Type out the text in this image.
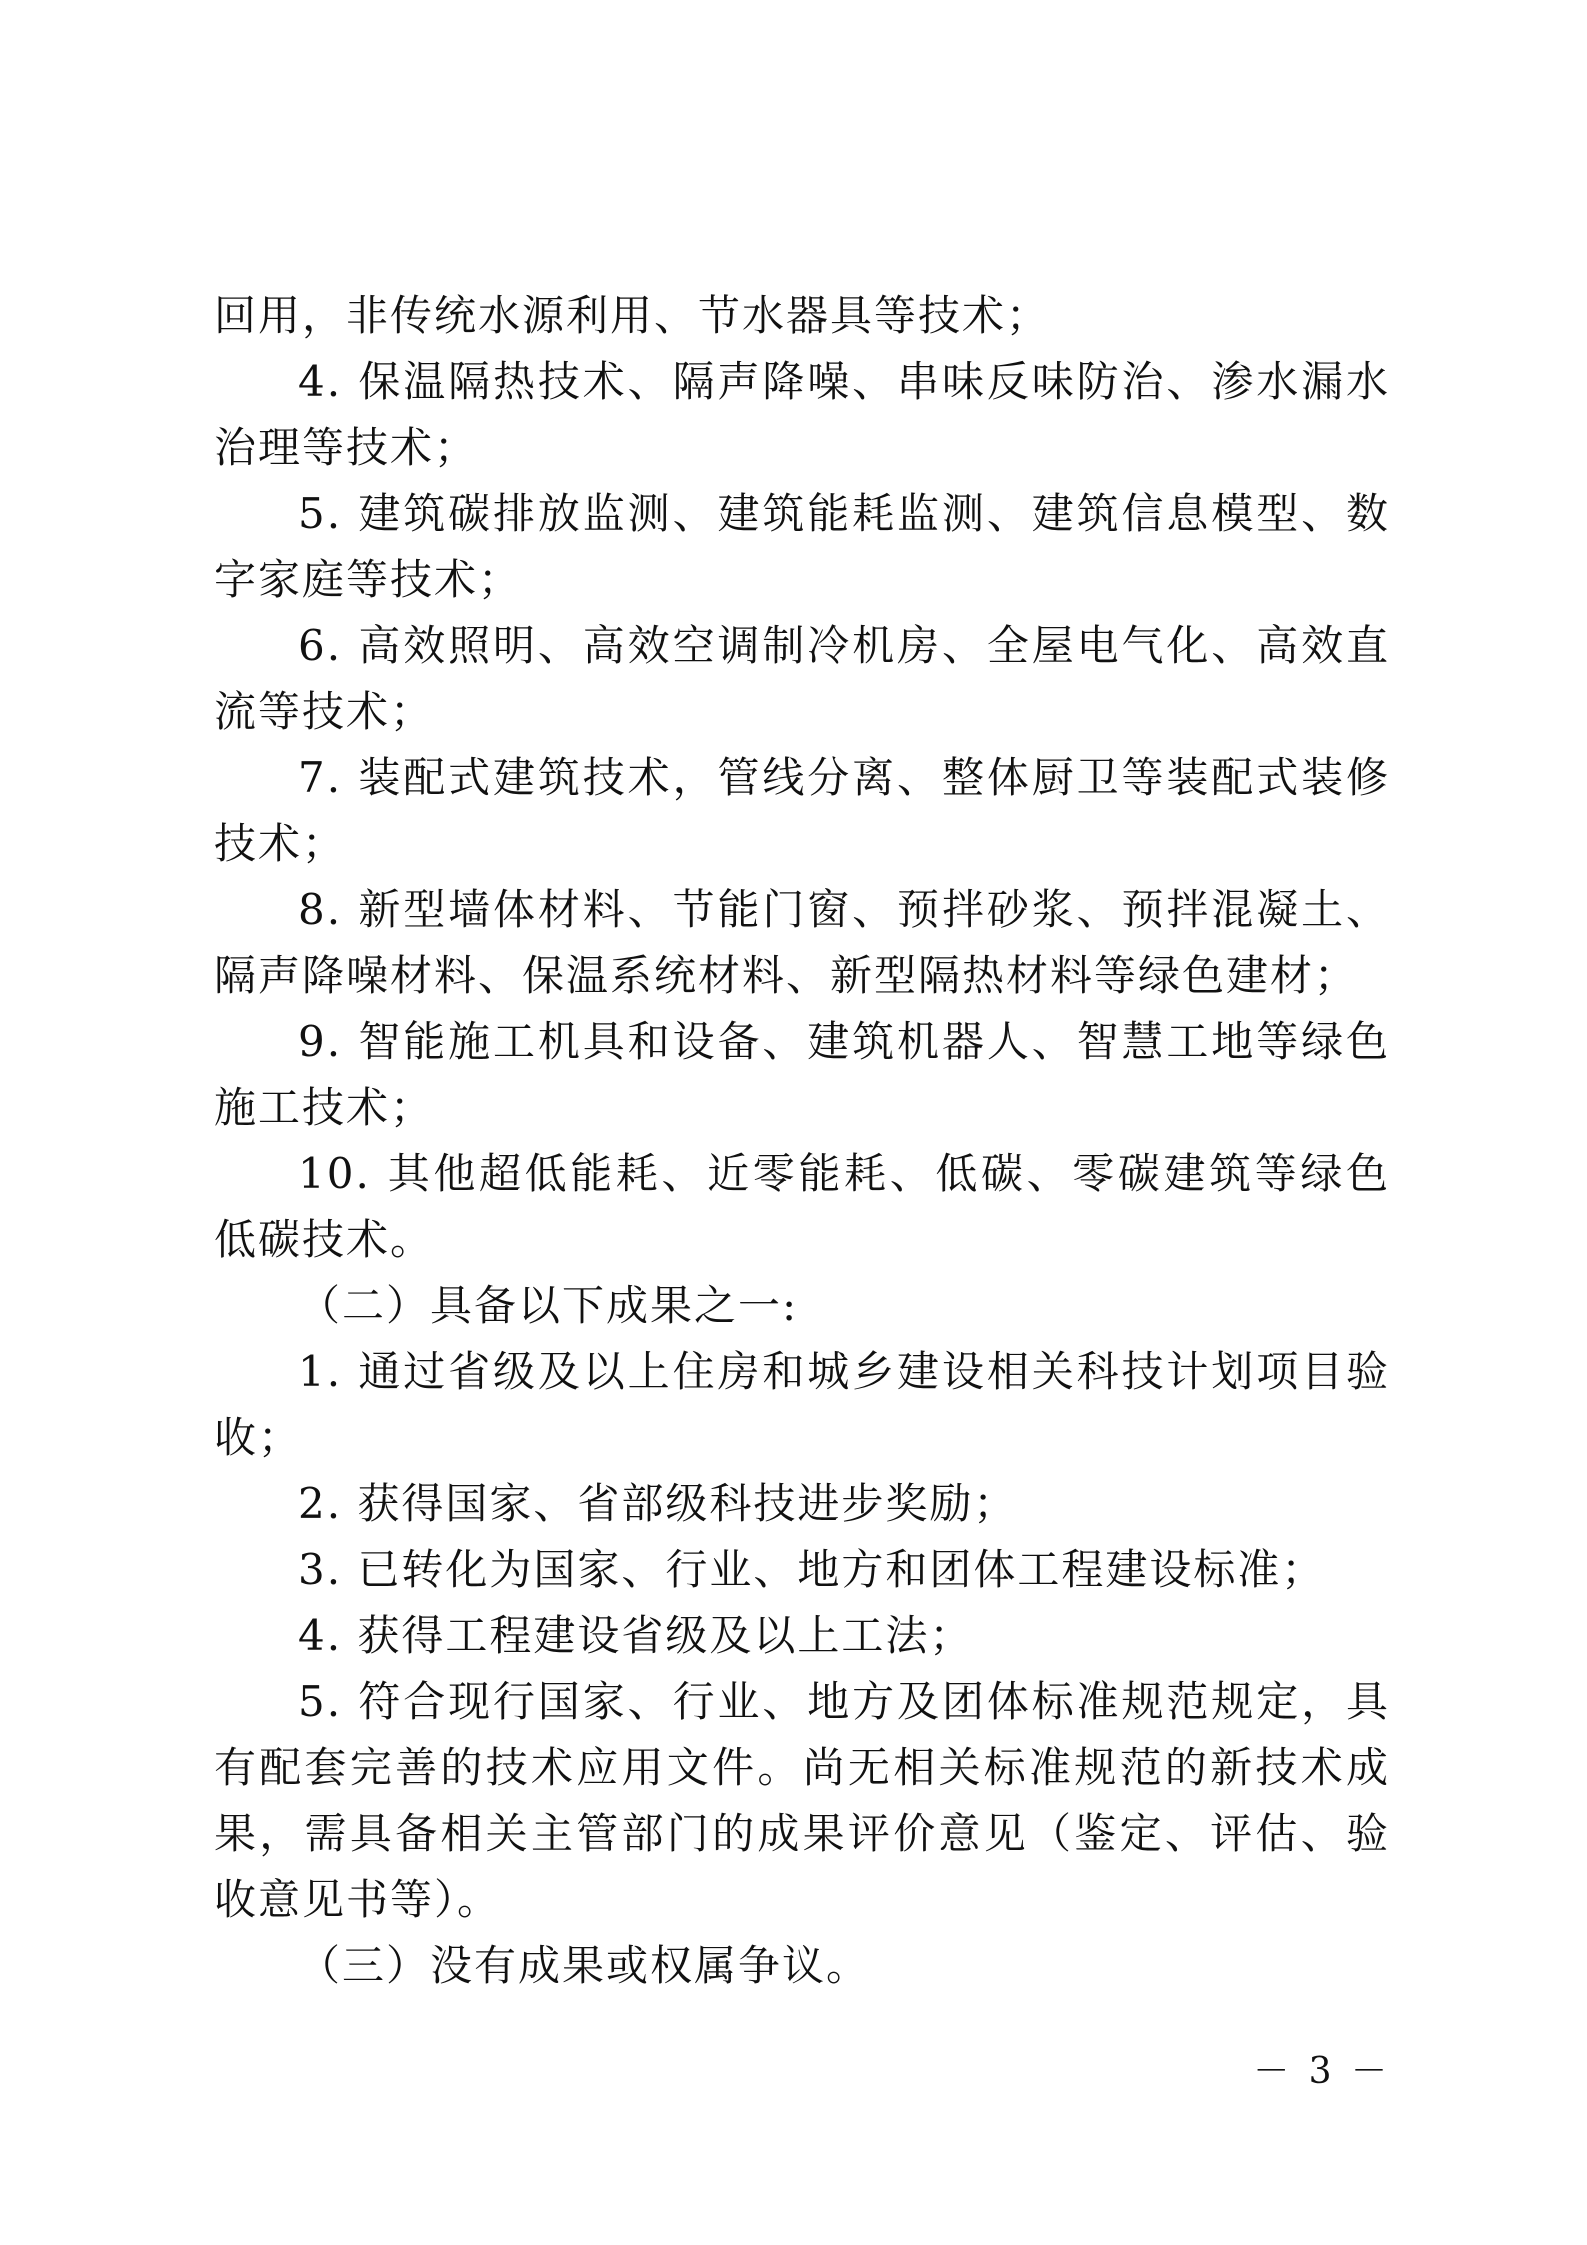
回用，非传统水源利用、节水器具等技术；

4. 保温隔热技术、隔声降噪、串味反味防治、渗水漏水治理等技术；

5. 建筑碳排放监测、建筑能耗监测、建筑信息模型、数字家庭等技术；

6. 高效照明、高效空调制冷机房、全屋电气化、高效直流等技术；

7. 装配式建筑技术，管线分离、整体厨卫等装配式装修技术；

8. 新型墙体材料、节能门窗、预拌砂浆、预拌混凝土、隔声降噪材料、保温系统材料、新型隔热材料等绿色建材；

9. 智能施工机具和设备、建筑机器人、智慧工地等绿色施工技术；

10. 其他超低能耗、近零能耗、低碳、零碳建筑等绿色低碳技术。

（二）具备以下成果之一:

1. 通过省级及以上住房和城乡建设相关科技计划项目验收；

2. 获得国家、省部级科技进步奖励；

3. 已转化为国家、行业、地方和团体工程建设标准；

4. 获得工程建设省级及以上工法；

5. 符合现行国家、行业、地方及团体标准规范规定，具有配套完善的技术应用文件。尚无相关标准规范的新技术成果，需具备相关主管部门的成果评价意见（鉴定、评估、验收意见书等）。

（三）没有成果或权属争议。

－ 3 －
